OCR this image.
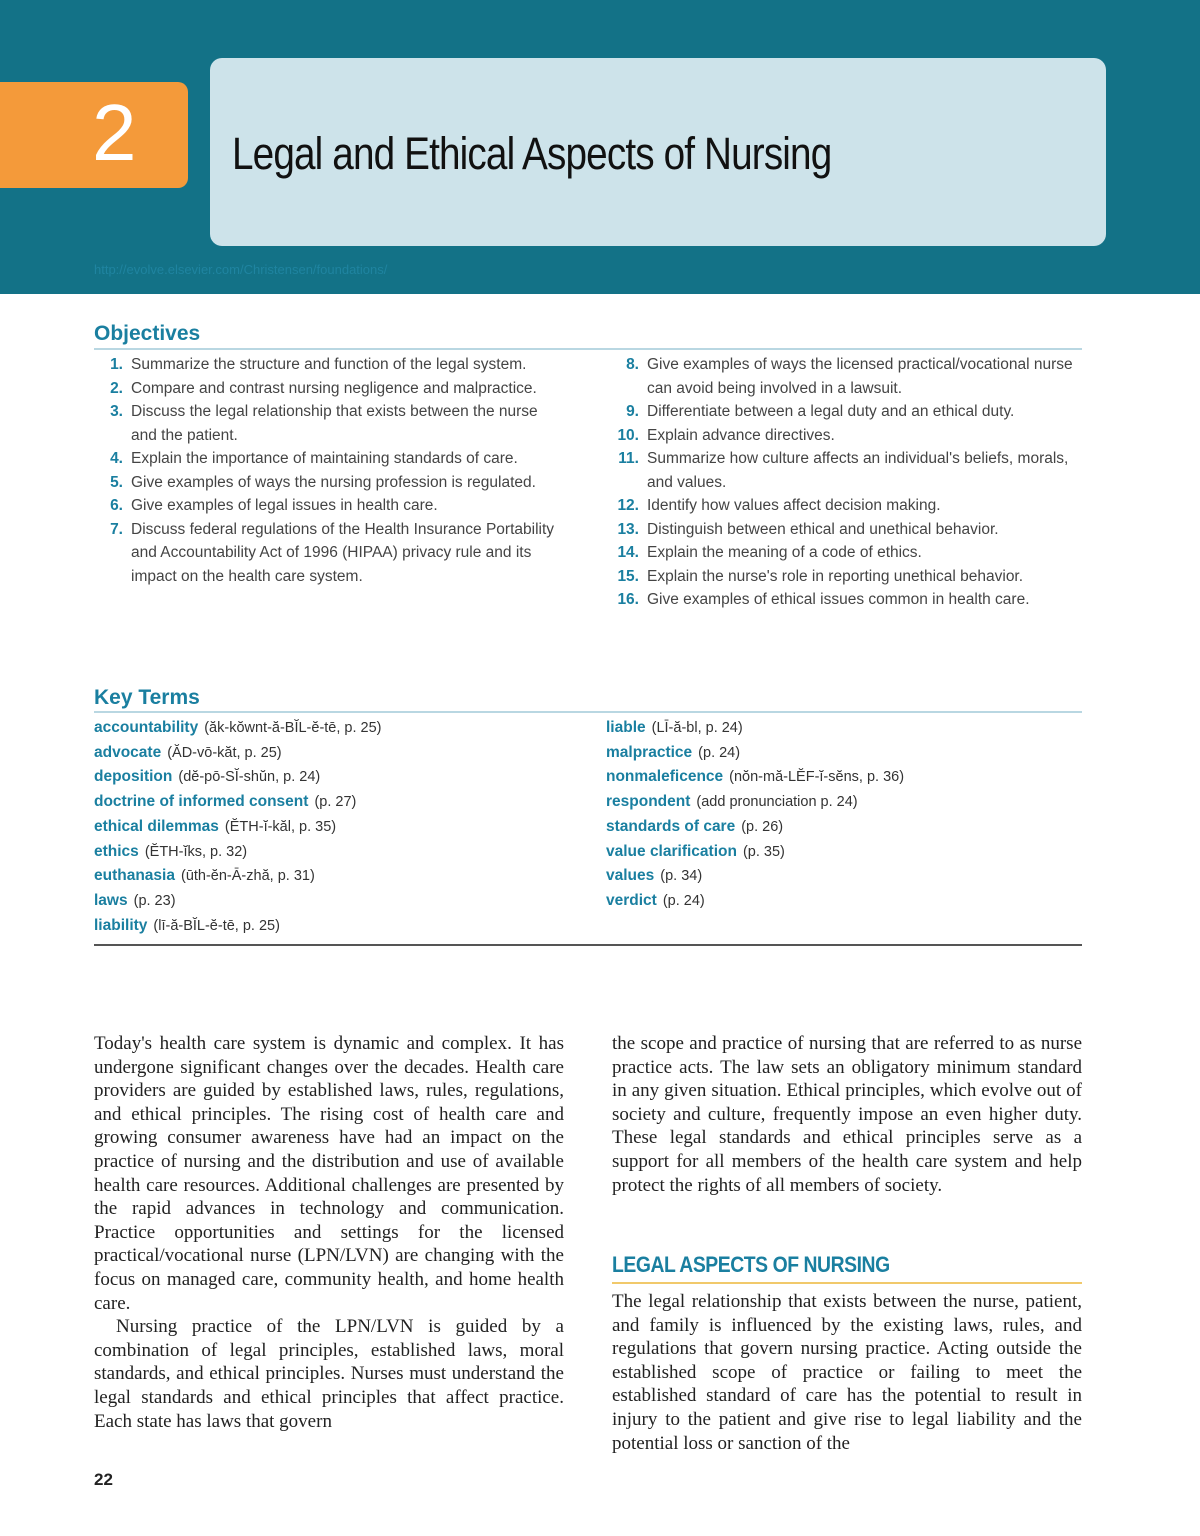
2 Legal and Ethical Aspects of Nursing
http://evolve.elsevier.com/Christensen/foundations/
Objectives
1. Summarize the structure and function of the legal system.
2. Compare and contrast nursing negligence and malpractice.
3. Discuss the legal relationship that exists between the nurse and the patient.
4. Explain the importance of maintaining standards of care.
5. Give examples of ways the nursing profession is regulated.
6. Give examples of legal issues in health care.
7. Discuss federal regulations of the Health Insurance Portability and Accountability Act of 1996 (HIPAA) privacy rule and its impact on the health care system.
8. Give examples of ways the licensed practical/vocational nurse can avoid being involved in a lawsuit.
9. Differentiate between a legal duty and an ethical duty.
10. Explain advance directives.
11. Summarize how culture affects an individual's beliefs, morals, and values.
12. Identify how values affect decision making.
13. Distinguish between ethical and unethical behavior.
14. Explain the meaning of a code of ethics.
15. Explain the nurse's role in reporting unethical behavior.
16. Give examples of ethical issues common in health care.
Key Terms
accountability (ăk-kŏwnt-ă-BĬL-ĕ-tē, p. 25)
advocate (ĂD-vō-kăt, p. 25)
deposition (dĕ-pō-SĬ-shŭn, p. 24)
doctrine of informed consent (p. 27)
ethical dilemmas (ĔTH-ĭ-kăl, p. 35)
ethics (ĔTH-ĭks, p. 32)
euthanasia (ūth-ĕn-Ā-zhă, p. 31)
laws (p. 23)
liability (lī-ă-BĬL-ĕ-tē, p. 25)
liable (LĪ-ă-bl, p. 24)
malpractice (p. 24)
nonmaleficence (nŏn-mă-LĔF-ĭ-sĕns, p. 36)
respondent (add pronunciation p. 24)
standards of care (p. 26)
value clarification (p. 35)
values (p. 34)
verdict (p. 24)

Today's health care system is dynamic and complex. It has undergone significant changes over the decades. Health care providers are guided by established laws, rules, regulations, and ethical principles. The rising cost of health care and growing consumer awareness have had an impact on the practice of nursing and the distribution and use of available health care resources. Additional challenges are presented by the rapid advances in technology and communication. Practice opportunities and settings for the licensed practical/vocational nurse (LPN/LVN) are changing with the focus on managed care, community health, and home health care.

Nursing practice of the LPN/LVN is guided by a combination of legal principles, established laws, moral standards, and ethical principles. Nurses must understand the legal standards and ethical principles that affect practice. Each state has laws that govern

the scope and practice of nursing that are referred to as nurse practice acts. The law sets an obligatory minimum standard in any given situation. Ethical principles, which evolve out of society and culture, frequently impose an even higher duty. These legal standards and ethical principles serve as a support for all members of the health care system and help protect the rights of all members of society.

LEGAL ASPECTS OF NURSING

The legal relationship that exists between the nurse, patient, and family is influenced by the existing laws, rules, and regulations that govern nursing practice. Acting outside the established scope of practice or failing to meet the established standard of care has the potential to result in injury to the patient and give rise to legal liability and the potential loss or sanction of the

22
